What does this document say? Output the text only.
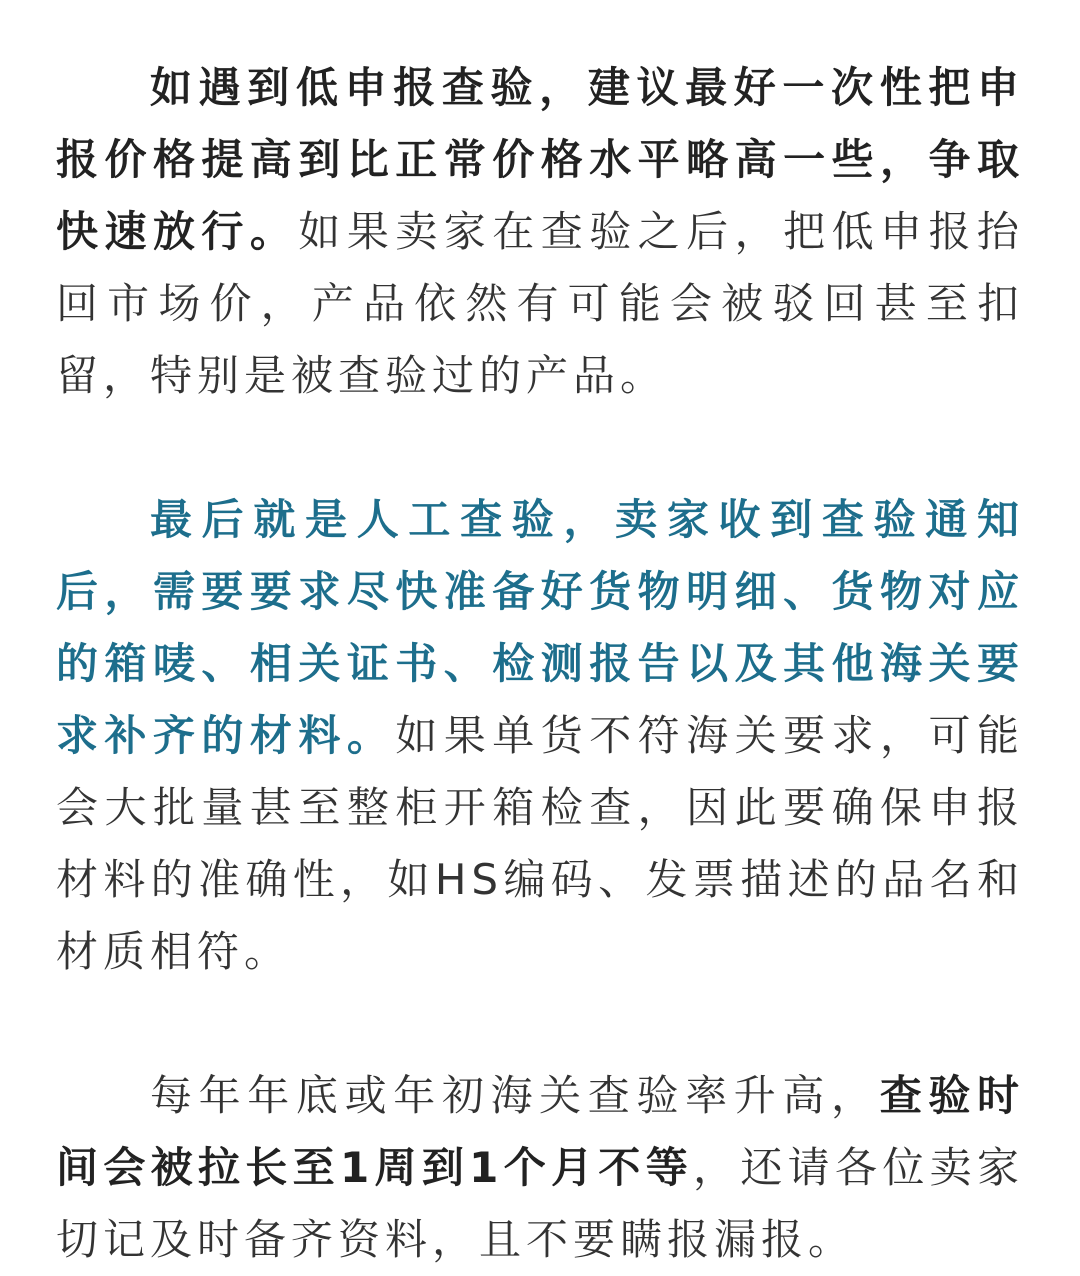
如遇到低申报查验，建议最好一次性把申报价格提高到比正常价格水平略高一些，争取快速放行。如果卖家在查验之后，把低申报抬回市场价，产品依然有可能会被驳回甚至扣留，特别是被查验过的产品。

最后就是人工查验，卖家收到查验通知后，需要要求尽快准备好货物明细、货物对应的箱唛、相关证书、检测报告以及其他海关要求补齐的材料。如果单货不符海关要求，可能会大批量甚至整柜开箱检查，因此要确保申报材料的准确性，如HS编码、发票描述的品名和材质相符。

每年年底或年初海关查验率升高，查验时间会被拉长至1周到1个月不等，还请各位卖家切记及时备齐资料，且不要瞒报漏报。
